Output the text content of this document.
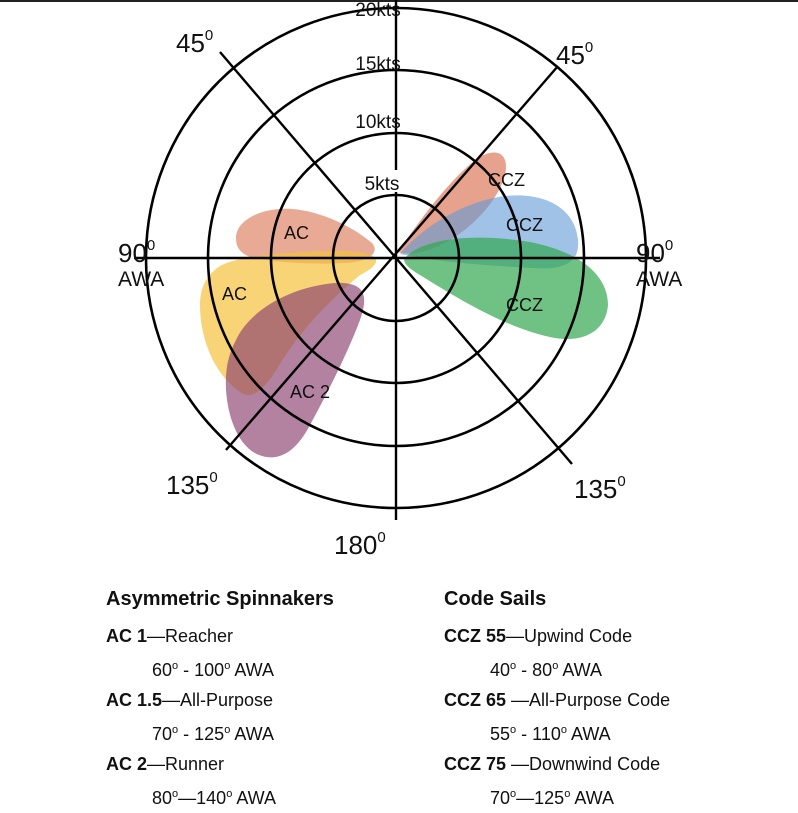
5kts
10kts
15kts
20kts
$45^0$
$45^0$
$90^0$
AWA
$90^0$
AWA
$135^0$	$135^0$
$180^0$
AC
AC
AC 2
CCZ
CCZ
CCZ
Asymmetric Spinnakers
AC 1—Reacher
60$^o$ - 100$^o$ AWA
AC 1.5—All-Purpose
70$^o$ - 125$^o$ AWA
AC 2—Runner
80$^o$—140$^o$ AWA
Code Sails
CCZ 55—Upwind Code
40$^o$ - 80$^o$ AWA
CCZ 65 —All-Purpose Code
55$^o$ - 110$^o$ AWA
CCZ 75 —Downwind Code
70$^o$—125$^o$ AWA
